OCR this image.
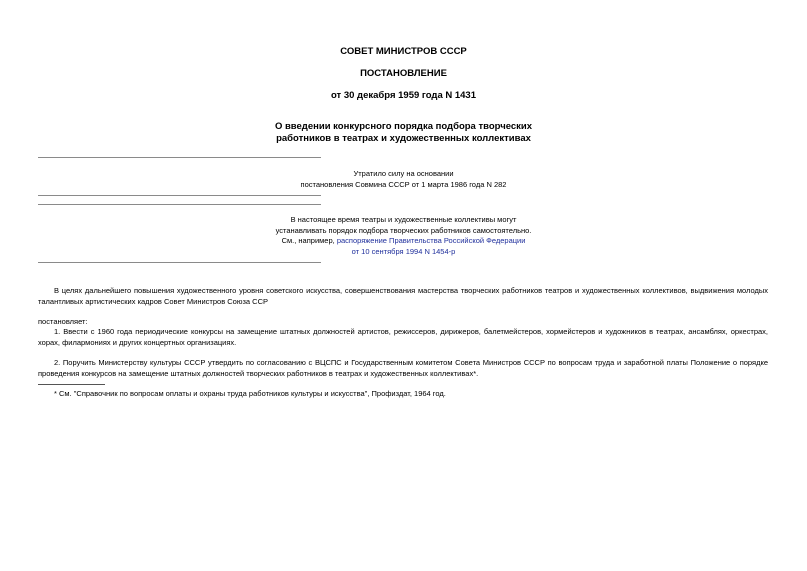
СОВЕТ МИНИСТРОВ СССР
ПОСТАНОВЛЕНИЕ
от 30 декабря 1959 года N 1431
О введении конкурсного порядка подбора творческих
работников в театрах и художественных коллективах
Утратило силу на основании
постановления Совмина СССР от 1 марта 1986 года N 282
В настоящее время театры и художественные коллективы могут
устанавливать порядок подбора творческих работников самостоятельно.
См., например, распоряжение Правительства Российской Федерации
от 10 сентября 1994 N 1454-р
В целях дальнейшего повышения художественного уровня советского искусства, совершенствования мастерства творческих работников театров и художественных коллективов, выдвижения молодых талантливых артистических кадров Совет Министров Союза ССР
постановляет:
1. Ввести с 1960 года периодические конкурсы на замещение штатных должностей артистов, режиссеров, дирижеров, балетмейстеров, хормейстеров и художников в театрах, ансамблях, оркестрах, хорах, филармониях и других концертных организациях.
2. Поручить Министерству культуры СССР утвердить по согласованию с ВЦСПС и Государственным комитетом Совета Министров СССР по вопросам труда и заработной платы Положение о порядке проведения конкурсов на замещение штатных должностей творческих работников в театрах и художественных коллективах*.
* См. "Справочник по вопросам оплаты и охраны труда работников культуры и искусства", Профиздат, 1964 год.
